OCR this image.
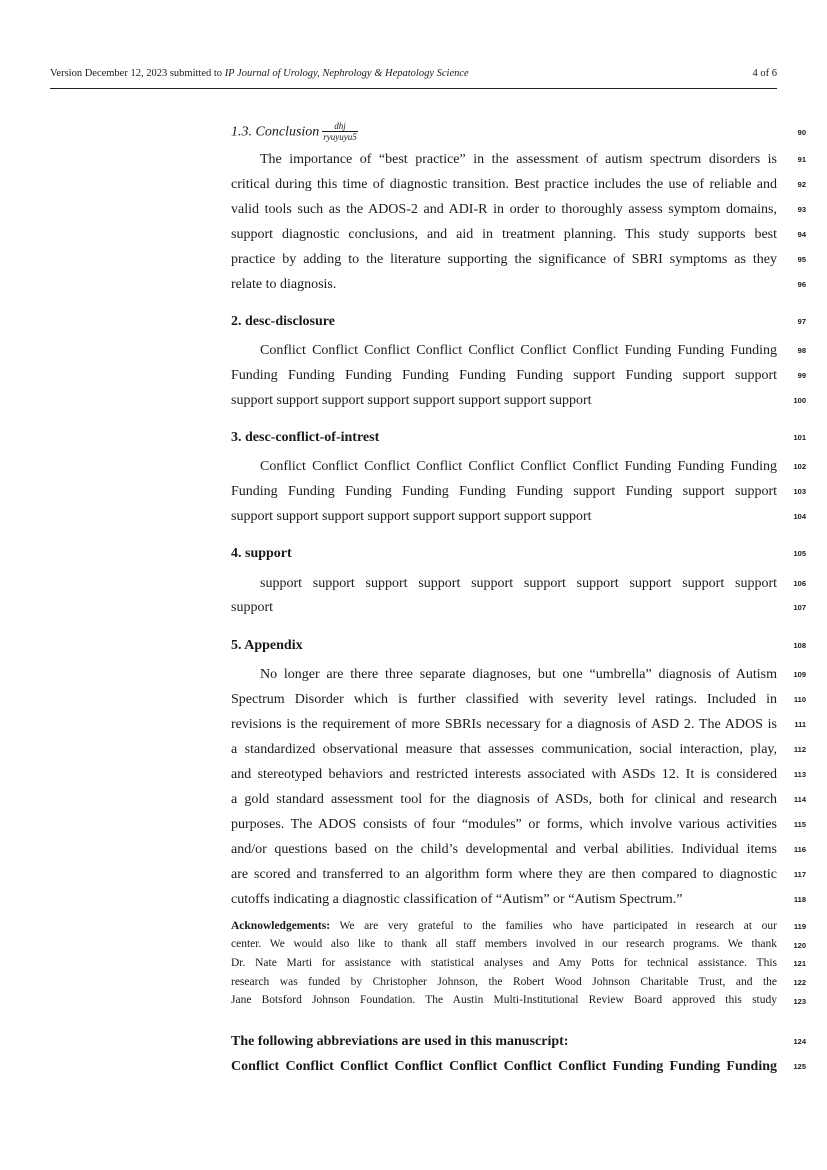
Version December 12, 2023 submitted to IP Journal of Urology, Nephrology & Hepatology Science	4 of 6
1.3. Conclusion $\frac{\text{dhj}}{\text{ryuyuyu5}}$
The importance of “best practice” in the assessment of autism spectrum disorders is
critical during this time of diagnostic transition. Best practice includes the use of reliable and
valid tools such as the ADOS-2 and ADI-R in order to thoroughly assess symptom domains,
support diagnostic conclusions, and aid in treatment planning. This study supports best
practice by adding to the literature supporting the significance of SBRI symptoms as they
relate to diagnosis.
2. desc-disclosure
Conflict Conflict Conflict Conflict Conflict Conflict Conflict Funding Funding Funding
Funding Funding Funding Funding Funding Funding support Funding support support
support support support support support support support support
3. desc-conflict-of-intrest
Conflict Conflict Conflict Conflict Conflict Conflict Conflict Funding Funding Funding
Funding Funding Funding Funding Funding Funding support Funding support support
support support support support support support support support
4. support
support support support support support support support support support support
support
5. Appendix
No longer are there three separate diagnoses, but one “umbrella” diagnosis of Autism
Spectrum Disorder which is further classified with severity level ratings. Included in
revisions is the requirement of more SBRIs necessary for a diagnosis of ASD 2. The ADOS is
a standardized observational measure that assesses communication, social interaction, play,
and stereotyped behaviors and restricted interests associated with ASDs 12. It is considered
a gold standard assessment tool for the diagnosis of ASDs, both for clinical and research
purposes. The ADOS consists of four “modules” or forms, which involve various activities
and/or questions based on the child’s developmental and verbal abilities. Individual items
are scored and transferred to an algorithm form where they are then compared to diagnostic
cutoffs indicating a diagnostic classification of “Autism” or “Autism Spectrum.”
Acknowledgements: We are very grateful to the families who have participated in research at our
center. We would also like to thank all staff members involved in our research programs. We thank
Dr. Nate Marti for assistance with statistical analyses and Amy Potts for technical assistance. This
research was funded by Christopher Johnson, the Robert Wood Johnson Charitable Trust, and the
Jane Botsford Johnson Foundation. The Austin Multi-Institutional Review Board approved this study
The following abbreviations are used in this manuscript:
Conflict Conflict Conflict Conflict Conflict Conflict Conflict Funding Funding Funding
90
91
92
93
94
95
96
97
98
99
100
101
102
103
104
105
106
107
108
109
110
111
112
113
114
115
116
117
118
119
120
121
122
123
124
125
